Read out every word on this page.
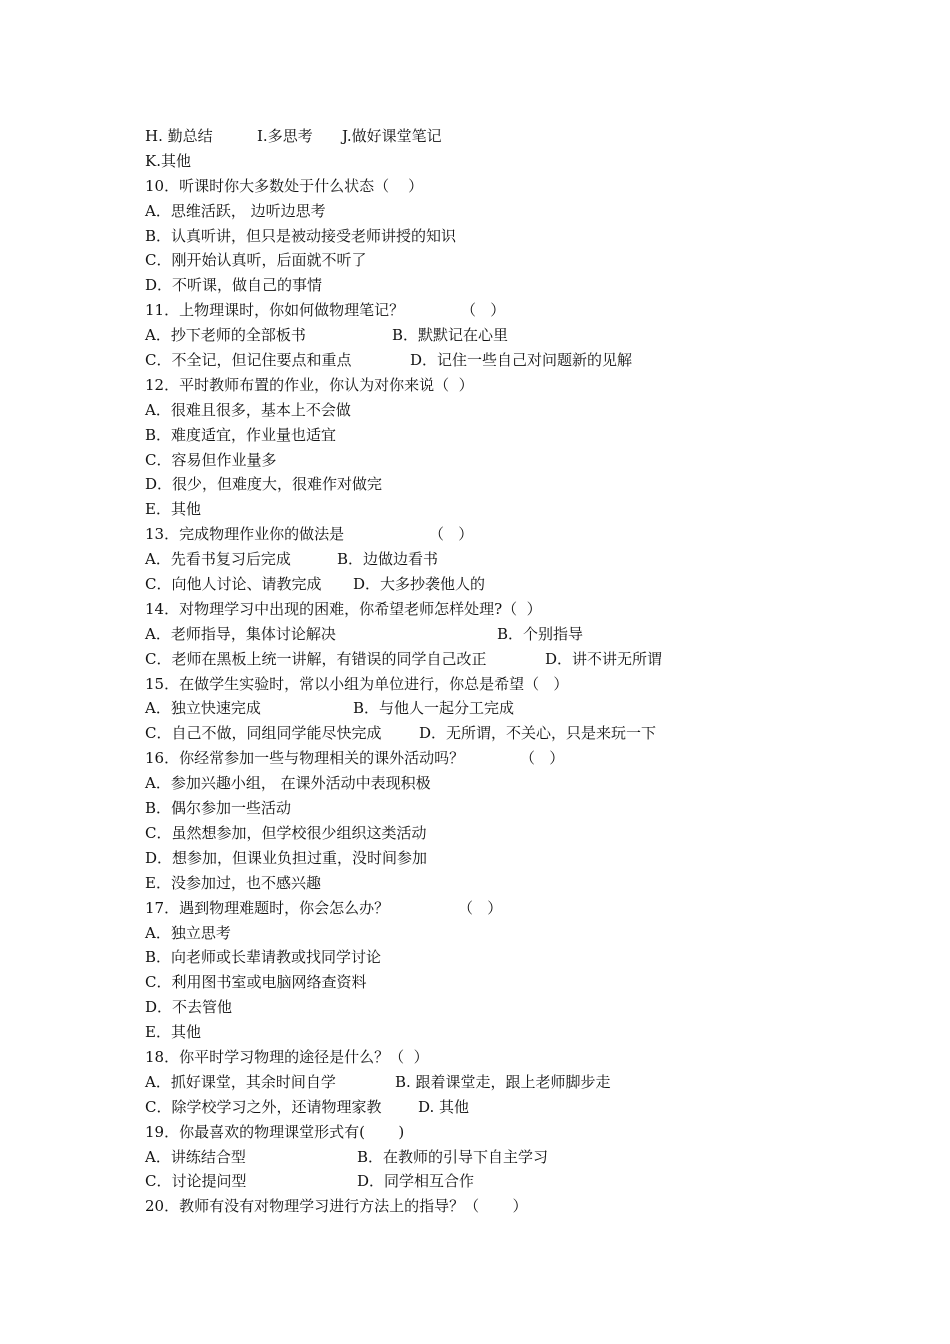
H. 勤总结	I.多思考 J.做好课堂笔记
K.其他
10．听课时你大多数处于什么状态（    ）
A．思维活跃， 边听边思考
B．认真听讲，但只是被动接受老师讲授的知识
C．刚开始认真听，后面就不听了
D．不听课，做自己的事情
11．上物理课时，你如何做物理笔记？	（   ）
A．抄下老师的全部板书	B．默默记在心里
C．不全记，但记住要点和重点	D．记住一些自己对问题新的见解
12．平时教师布置的作业，你认为对你来说（  ）
A．很难且很多，基本上不会做
B．难度适宜，作业量也适宜
C．容易但作业量多
D．很少，但难度大，很难作对做完
E．其他
13．完成物理作业你的做法是	（   ）
A．先看书复习后完成	B．边做边看书
C．向他人讨论、请教完成 D．大多抄袭他人的
14．对物理学习中出现的困难，你希望老师怎样处理?（  ）
A．老师指导，集体讨论解决	B．个别指导
C．老师在黑板上统一讲解，有错误的同学自己改正	D．讲不讲无所谓
15．在做学生实验时，常以小组为单位进行，你总是希望（   ）
A．独立快速完成	B．与他人一起分工完成
C．自己不做，同组同学能尽快完成	D．无所谓，不关心，只是来玩一下
16．你经常参加一些与物理相关的课外活动吗？	（   ）
A．参加兴趣小组， 在课外活动中表现积极
B．偶尔参加一些活动
C．虽然想参加，但学校很少组织这类活动
D．想参加，但课业负担过重，没时间参加
E．没参加过，也不感兴趣
17．遇到物理难题时，你会怎么办？	（   ）
A．独立思考
B．向老师或长辈请教或找同学讨论
C．利用图书室或电脑网络查资料
D．不去管他
E．其他
18．你平时学习物理的途径是什么？（  ）
A．抓好课堂，其余时间自学	B. 跟着课堂走，跟上老师脚步走
C．除学校学习之外，还请物理家教 D. 其他
19．你最喜欢的物理课堂形式有(       )
A．讲练结合型	B．在教师的引导下自主学习
C．讨论提问型	D．同学相互合作
20．教师有没有对物理学习进行方法上的指导？（       ）
